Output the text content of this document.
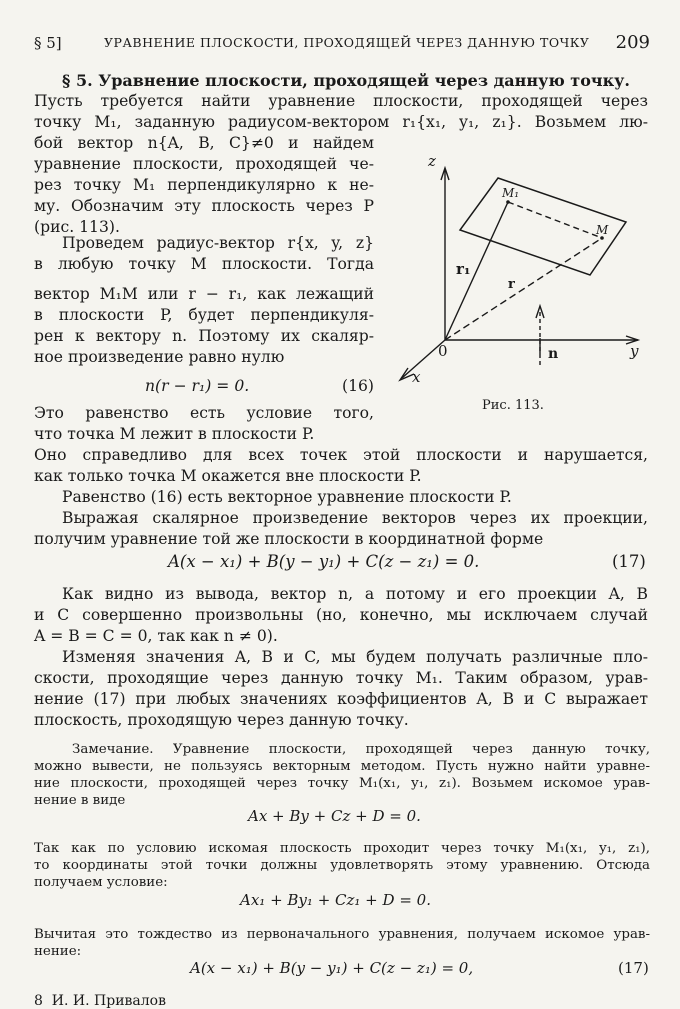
§ 5]	УРАВНЕНИЕ ПЛОСКОСТИ, ПРОХОДЯЩЕЙ ЧЕРЕЗ ДАННУЮ ТОЧКУ 209
§ 5. Уравнение плоскости, проходящей через данную точку.
Пусть требуется найти уравнение плоскости, проходящей через
точку M₁, заданную радиусом-вектором r₁{x₁, y₁, z₁}. Возьмем лю-
бой вектор n{A, B, C}≠0 и найдем
уравнение плоскости, проходящей че-
рез точку M₁ перпендикулярно к не-
му. Обозначим эту плоскость через P
(рис. 113).
Проведем радиус-вектор r{x, y, z}
в любую точку M плоскости. Тогда
вектор M₁M или r − r₁, как лежащий
в плоскости P, будет перпендикуля-
рен к вектору n. Поэтому их скаляр-
ное произведение равно нулю
n(r − r₁) = 0.	(16)
Это равенство есть условие того,
что точка M лежит в плоскости P.
Оно справедливо для всех точек этой плоскости и нарушается,
как только точка M окажется вне плоскости P.
Равенство (16) есть векторное уравнение плоскости P.
Выражая скалярное произведение векторов через их проекции,
получим уравнение той же плоскости в координатной форме
A(x − x₁) + B(y − y₁) + C(z − z₁) = 0.	(17)
Как видно из вывода, вектор n, а потому и его проекции A, B
и C совершенно произвольны (но, конечно, мы исключаем случай
A = B = C = 0, так как n ≠ 0).
Изменяя значения A, B и C, мы будем получать различные пло-
скости, проходящие через данную точку M₁. Таким образом, урав-
нение (17) при любых значениях коэффициентов A, B и C выражает
плоскость, проходящую через данную точку.
Замечание. Уравнение плоскости, проходящей через данную точку,
можно вывести, не пользуясь векторным методом. Пусть нужно найти уравне-
ние плоскости, проходящей через точку M₁(x₁, y₁, z₁). Возьмем искомое урав-
нение в виде
Ax + By + Cz + D = 0.
Так как по условию искомая плоскость проходит через точку M₁(x₁, y₁, z₁),
то координаты этой точки должны удовлетворять этому уравнению. Отсюда
получаем условие:
Ax₁ + By₁ + Cz₁ + D = 0.
Вычитая это тождество из первоначального уравнения, получаем искомое урав-
нение:
A(x − x₁) + B(y − y₁) + C(z − z₁) = 0,	(17)
8  И. И. Привалов
z
y
x
0
M₁
M
r₁
r
n
Рис. 113.
